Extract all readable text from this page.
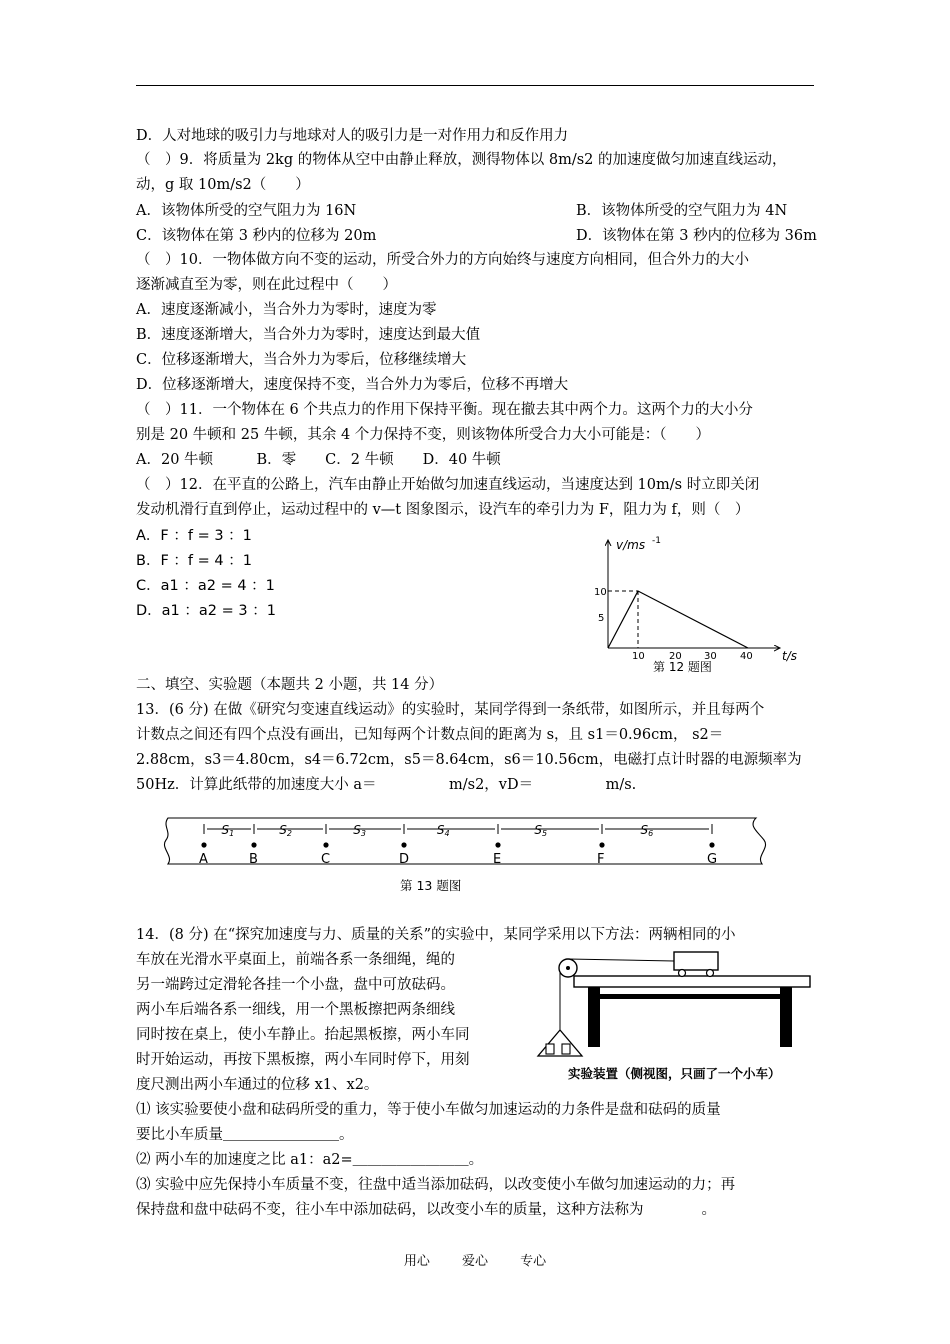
D．人对地球的吸引力与地球对人的吸引力是一对作用力和反作用力
（　）9．将质量为 2kg 的物体从空中由静止释放，测得物体以 8m/s2 的加速度做匀加速直线运动，
动，g 取 10m/s2（　　）
A．该物体所受的空气阻力为 16N	B．该物体所受的空气阻力为 4N
C．该物体在第 3 秒内的位移为 20m	D．该物体在第 3 秒内的位移为 36m
（　）10．一物体做方向不变的运动，所受合外力的方向始终与速度方向相同，但合外力的大小
逐渐减直至为零，则在此过程中（　　）
A．速度逐渐减小，当合外力为零时，速度为零
B．速度逐渐增大，当合外力为零时，速度达到最大值
C．位移逐渐增大，当合外力为零后，位移继续增大
D．位移逐渐增大，速度保持不变，当合外力为零后，位移不再增大
（　）11．一个物体在 6 个共点力的作用下保持平衡。现在撤去其中两个力。这两个力的大小分
别是 20 牛顿和 25 牛顿，其余 4 个力保持不变，则该物体所受合力大小可能是：（　　）
A．20 牛顿　　　B．零　　C．2 牛顿　　D．40 牛顿
（　）12．在平直的公路上，汽车由静止开始做匀加速直线运动，当速度达到 10m/s 时立即关闭
发动机滑行直到停止，运动过程中的 v—t 图象图示，设汽车的牵引力为 F，阻力为 f，则（　）
A．F ：f = 3 ：1
B．F ：f = 4 ：1
C．a1 ：a2 = 4 ：1
D．a1 ：a2 = 3 ：1
v/ms -1
t/s
10
5
10 20 30 40
第 12 题图
二、填空、实验题（本题共 2 小题，共 14 分）
13．(6 分) 在做《研究匀变速直线运动》的实验时，某同学得到一条纸带，如图所示，并且每两个
计数点之间还有四个点没有画出，已知每两个计数点间的距离为 s，且 s1＝0.96cm， s2＝
2.88cm，s3＝4.80cm，s4＝6.72cm，s5＝8.64cm，s6＝10.56cm，电磁打点计时器的电源频率为
50Hz．计算此纸带的加速度大小 a＝　　　　　m/s2，vD＝　　　　　m/s.
A	B	C	D	E	F	G
S1	S2	S3	S4	S5	S6
第 13 题图
14．(8 分) 在“探究加速度与力、质量的关系”的实验中，某同学采用以下方法：两辆相同的小
车放在光滑水平桌面上，前端各系一条细绳，绳的
另一端跨过定滑轮各挂一个小盘，盘中可放砝码。
两小车后端各系一细线，用一个黑板擦把两条细线
同时按在桌上，使小车静止。抬起黑板擦，两小车同
时开始运动，再按下黑板擦，两小车同时停下，用刻
度尺测出两小车通过的位移 x1、x2。
实验装置（侧视图，只画了一个小车）
⑴ 该实验要使小盘和砝码所受的重力，等于使小车做匀加速运动的力条件是盘和砝码的质量
要比小车质量＿＿＿＿＿＿＿＿。
⑵ 两小车的加速度之比 a1：a2=＿＿＿＿＿＿＿＿。
⑶ 实验中应先保持小车质量不变，往盘中适当添加砝码，以改变使小车做匀加速运动的力；再
保持盘和盘中砝码不变，往小车中添加砝码，以改变小车的质量，这种方法称为　　　　。
用心 爱心 专心
